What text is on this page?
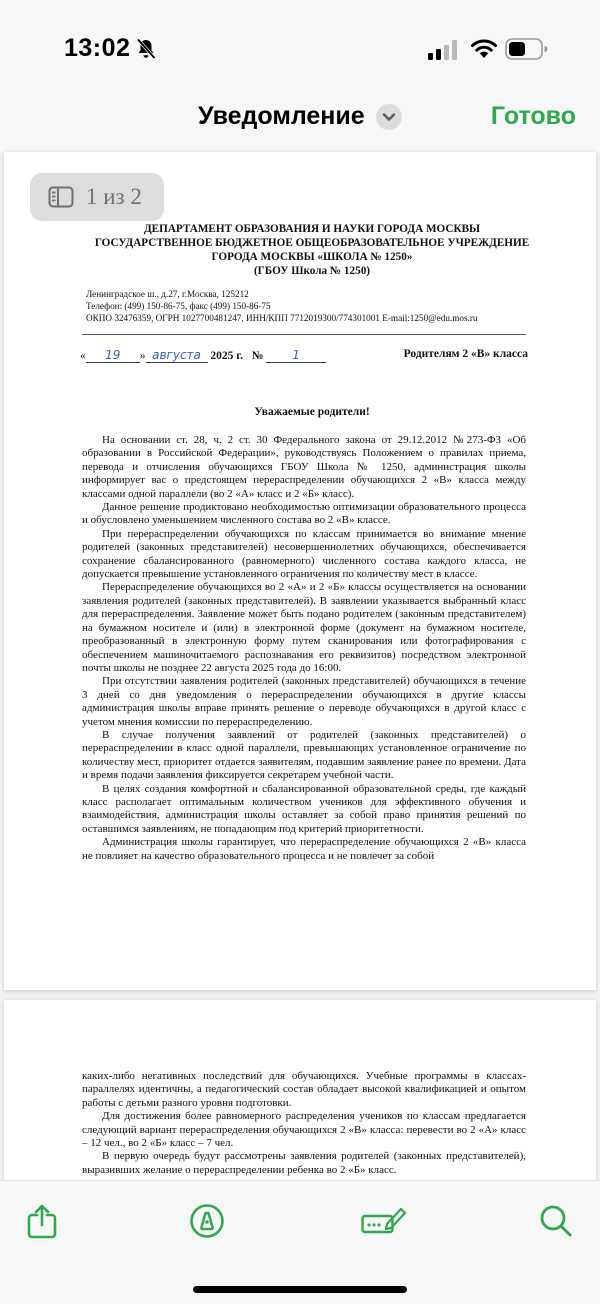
13:02
Уведомление	Готово
1 из 2
ДЕПАРТАМЕНТ ОБРАЗОВАНИЯ И НАУКИ ГОРОДА МОСКВЫ
ГОСУДАРСТВЕННОЕ БЮДЖЕТНОЕ ОБЩЕОБРАЗОВАТЕЛЬНОЕ УЧРЕЖДЕНИЕ
ГОРОДА МОСКВЫ «ШКОЛА № 1250»
(ГБОУ Школа № 1250)
Ленинградское ш., д.27, г.Москва, 125212
Телефон: (499) 150-86-75, факс (499) 150-86-75
ОКПО 32476359, ОГРН 1027700481247, ИНН/КПП 7712019300/774301001 E-mail:1250@edu.mos.ru
« 19 » августа 2025 г. № 1	Родителям 2 «В» класса
Уважаемые родители!

На основании ст. 28, ч. 2 ст. 30 Федерального закона от 29.12.2012 №273-ФЗ «Об образовании в Российской Федерации», руководствуясь Положением о правилах приема, перевода и отчисления обучающихся ГБОУ Школа № 1250, администрация школы информирует вас о предстоящем перераспределении обучающихся 2 «В» класса между классами одной параллели (во 2 «А» класс и 2 «Б» класс).

Данное решение продиктовано необходимостью оптимизации образовательного процесса и обусловлено уменьшением численного состава во 2 «В» классе.

При перераспределении обучающихся по классам принимается во внимание мнение родителей (законных представителей) несовершеннолетних обучающихся, обеспечивается сохранение сбалансированного (равномерного) численного состава каждого класса, не допускается превышение установленного ограничения по количеству мест в классе.

Перераспределение обучающихся во 2 «А» и 2 «Б» классы осуществляется на основании заявления родителей (законных представителей). В заявлении указывается выбранный класс для перераспределения. Заявление может быть подано родителем (законным представителем) на бумажном носителе и (или) в электронной форме (документ на бумажном носителе, преобразованный в электронную форму путем сканирования или фотографирования с обеспечением машиночитаемого распознавания его реквизитов) посредством электронной почты школы не позднее 22 августа 2025 года до 16:00.

При отсутствии заявления родителей (законных представителей) обучающихся в течение 3 дней со дня уведомления о перераспределении обучающихся в другие классы администрация школы вправе принять решение о переводе обучающихся в другой класс с учетом мнения комиссии по перераспределению.

В случае получения заявлений от родителей (законных представителей) о перераспределении в класс одной параллели, превышающих установленное ограничение по количеству мест, приоритет отдается заявителям, подавшим заявление ранее по времени. Дата и время подачи заявления фиксируется секретарем учебной части.

В целях создания комфортной и сбалансированной образовательной среды, где каждый класс располагает оптимальным количеством учеников для эффективного обучения и взаимодействия, администрация школы оставляет за собой право принятия решений по оставшимся заявлениям, не попадающим под критерий приоритетности.

Администрация школы гарантирует, что перераспределение обучающихся 2 «В» класса не повлияет на качество образовательного процесса и не повлечет за собой

каких-либо негативных последствий для обучающихся. Учебные программы в классах-параллелях идентичны, а педагогический состав обладает высокой квалификацией и опытом работы с детьми разного уровня подготовки.

Для достижения более равномерного распределения учеников по классам предлагается следующий вариант перераспределения обучающихся 2 «В» класса: перевести во 2 «А» класс – 12 чел., во 2 «Б» класс – 7 чел.

В первую очередь будут рассмотрены заявления родителей (законных представителей), выразивших желание о перераспределении ребенка во 2 «Б» класс.
